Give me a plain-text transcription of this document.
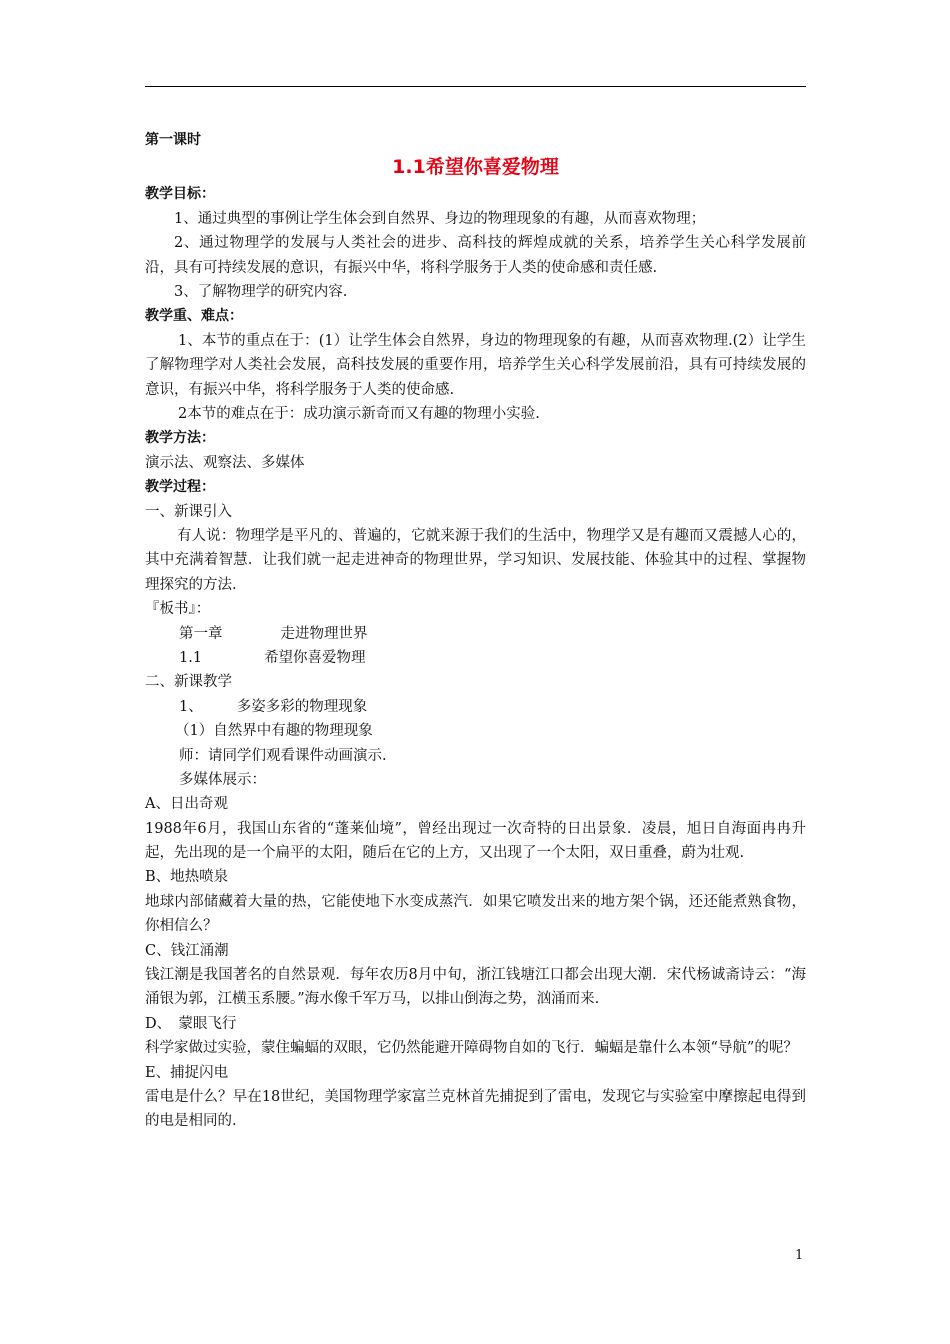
第一课时
1.1希望你喜爱物理
教学目标：
1、通过典型的事例让学生体会到自然界、身边的物理现象的有趣，从而喜欢物理；
2、通过物理学的发展与人类社会的进步、高科技的辉煌成就的关系，培养学生关心科学发展前沿，具有可持续发展的意识，有振兴中华，将科学服务于人类的使命感和责任感.
3、了解物理学的研究内容.
教学重、难点：
1、本节的重点在于：(1）让学生体会自然界，身边的物理现象的有趣，从而喜欢物理.(2）让学生了解物理学对人类社会发展，高科技发展的重要作用，培养学生关心科学发展前沿，具有可持续发展的意识，有振兴中华，将科学服务于人类的使命感.
2本节的难点在于：成功演示新奇而又有趣的物理小实验.
教学方法：
演示法、观察法、多媒体
教学过程：
一、新课引入
有人说：物理学是平凡的、普遍的，它就来源于我们的生活中，物理学又是有趣而又震撼人心的，其中充满着智慧．让我们就一起走进神奇的物理世界，学习知识、发展技能、体验其中的过程、掌握物理探究的方法.
『板书』：
第一章	走进物理世界
1.1	希望你喜爱物理
二、新课教学
1、 多姿多彩的物理现象
（1）自然界中有趣的物理现象
师：请同学们观看课件动画演示.
多媒体展示：
A、日出奇观
1988年6月，我国山东省的“蓬莱仙境”，曾经出现过一次奇特的日出景象．凌晨，旭日自海面冉冉升起，先出现的是一个扁平的太阳，随后在它的上方，又出现了一个太阳，双日重叠，蔚为壮观.
B、地热喷泉
地球内部储藏着大量的热，它能使地下水变成蒸汽．如果它喷发出来的地方架个锅，还还能煮熟食物，你相信么？
C、钱江涌潮
钱江潮是我国著名的自然景观．每年农历8月中旬，浙江钱塘江口都会出现大潮．宋代杨诚斋诗云：“海涌银为郭，江横玉系腰。”海水像千军万马，以排山倒海之势，汹涌而来.
D、　蒙眼飞行
科学家做过实验，蒙住蝙蝠的双眼，它仍然能避开障碍物自如的飞行．蝙蝠是靠什么本领“导航”的呢？
E、捕捉闪电
雷电是什么？早在18世纪，美国物理学家富兰克林首先捕捉到了雷电，发现它与实验室中摩擦起电得到的电是相同的.
1
